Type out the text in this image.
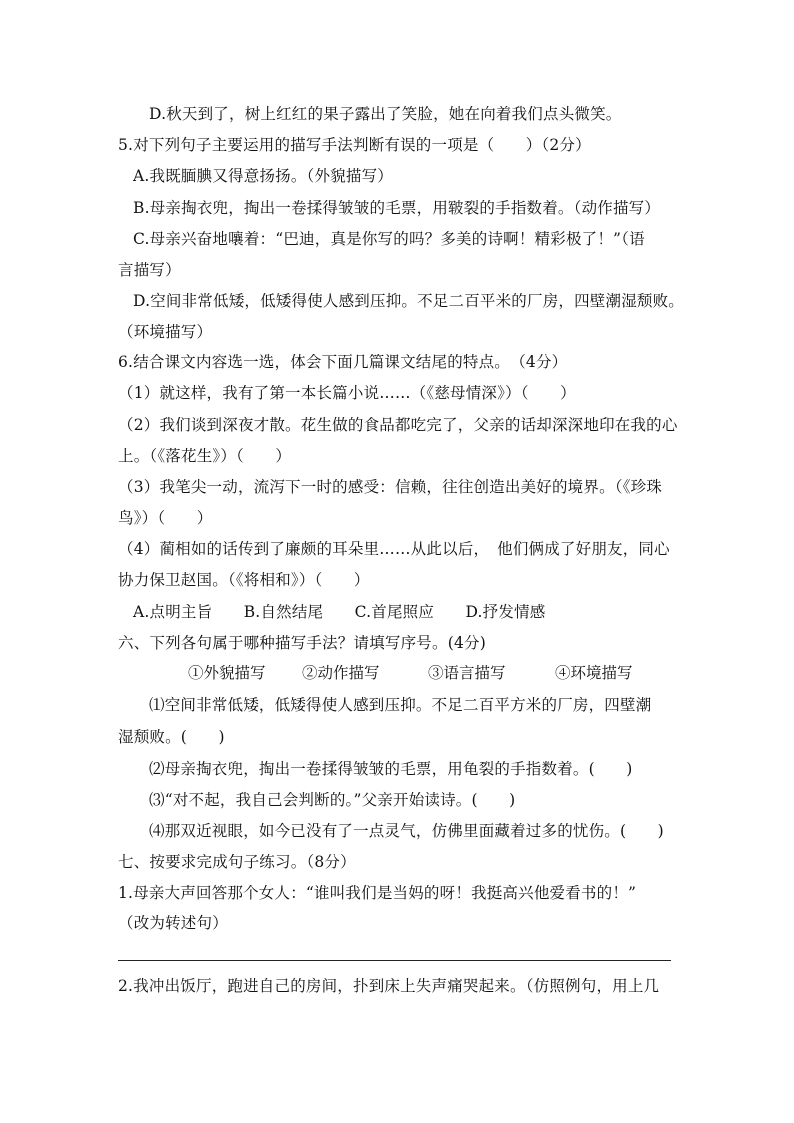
D.秋天到了，树上红红的果子露出了笑脸，她在向着我们点头微笑。
5.对下列句子主要运用的描写手法判断有误的一项是（　　）（2分）
A.我既腼腆又得意扬扬。（外貌描写）
B.母亲掏衣兜，掏出一卷揉得皱皱的毛票，用皲裂的手指数着。（动作描写）
C.母亲兴奋地嚷着：“巴迪，真是你写的吗？多美的诗啊！精彩极了！”（语
言描写）
D.空间非常低矮，低矮得使人感到压抑。不足二百平米的厂房，四壁潮湿颓败。
（环境描写）
6.结合课文内容选一选，体会下面几篇课文结尾的特点。　（4分）
（1）就这样，我有了第一本长篇小说……（《慈母情深》）（　　）
（2）我们谈到深夜才散。花生做的食品都吃完了，父亲的话却深深地印在我的心
上。（《落花生》）（　　）
（3）我笔尖一动，流泻下一时的感受：信赖，往往创造出美好的境界。（《珍珠
鸟》）（　　）
（4）蔺相如的话传到了廉颇的耳朵里……从此以后，　他们俩成了好朋友，同心
协力保卫赵国。（《将相和》）（　　）
A.点明主旨　　B.自然结尾　　C.首尾照应　　D.抒发情感
六、下列各句属于哪种描写手法？请填写序号。(4分)
①外貌描写 ②动作描写	③语言描写	④环境描写
⑴空间非常低矮，低矮得使人感到压抑。不足二百平方米的厂房，四壁潮
湿颓败。(　　)
⑵母亲掏衣兜，掏出一卷揉得皱皱的毛票，用龟裂的手指数着。(　　)
⑶“对不起，我自己会判断的。”父亲开始读诗。(　　)
⑷那双近视眼，如今已没有了一点灵气，仿佛里面藏着过多的忧伤。(　　)
七、按要求完成句子练习。（8分）
1.母亲大声回答那个女人：“谁叫我们是当妈的呀！我挺高兴他爱看书的！”
（改为转述句）
2.我冲出饭厅，跑进自己的房间，扑到床上失声痛哭起来。（仿照例句，用上几
